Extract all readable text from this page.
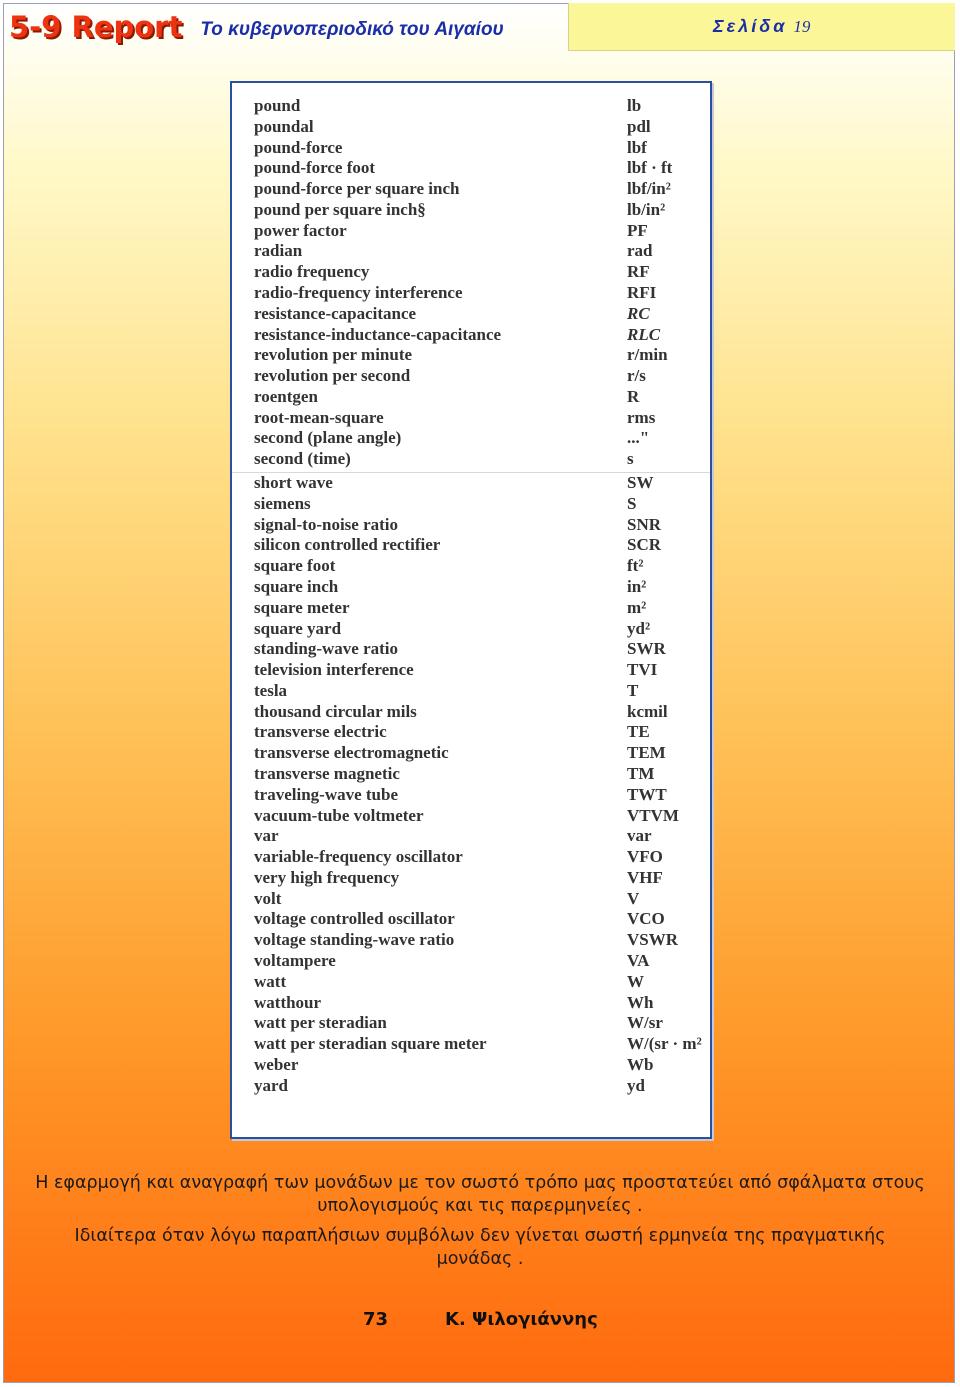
5-9 Report Το κυβερνοπεριοδικό του Αιγαίου	Σελίδα 19
pound	lb
poundal	pdl
pound-force	lbf
pound-force foot	lbf · ft
pound-force per square inch	lbf/in²
pound per square inch§	lb/in²
power factor	PF
radian	rad
radio frequency	RF
radio-frequency interference	RFI
resistance-capacitance	RC
resistance-inductance-capacitance	RLC
revolution per minute	r/min
revolution per second	r/s
roentgen	R
root-mean-square	rms
second (plane angle)	..."
second (time)	s
short wave	SW
siemens	S
signal-to-noise ratio	SNR
silicon controlled rectifier	SCR
square foot	ft²
square inch	in²
square meter	m²
square yard	yd²
standing-wave ratio	SWR
television interference	TVI
tesla	T
thousand circular mils	kcmil
transverse electric	TE
transverse electromagnetic	TEM
transverse magnetic	TM
traveling-wave tube	TWT
vacuum-tube voltmeter	VTVM
var	var
variable-frequency oscillator	VFO
very high frequency	VHF
volt	V
voltage controlled oscillator	VCO
voltage standing-wave ratio	VSWR
voltampere	VA
watt	W
watthour	Wh
watt per steradian	W/sr
watt per steradian square meter	W/(sr · m²
weber	Wb
yard	yd
Η εφαρμογή και αναγραφή των μονάδων με τον σωστό τρόπο μας προστατεύει από σφάλματα στους
υπολογισμούς και τις παρερμηνείες .
Ιδιαίτερα όταν λόγω παραπλήσιων συμβόλων δεν γίνεται σωστή ερμηνεία της πραγματικής
μονάδας .
73	Κ. Ψιλογιάννης
